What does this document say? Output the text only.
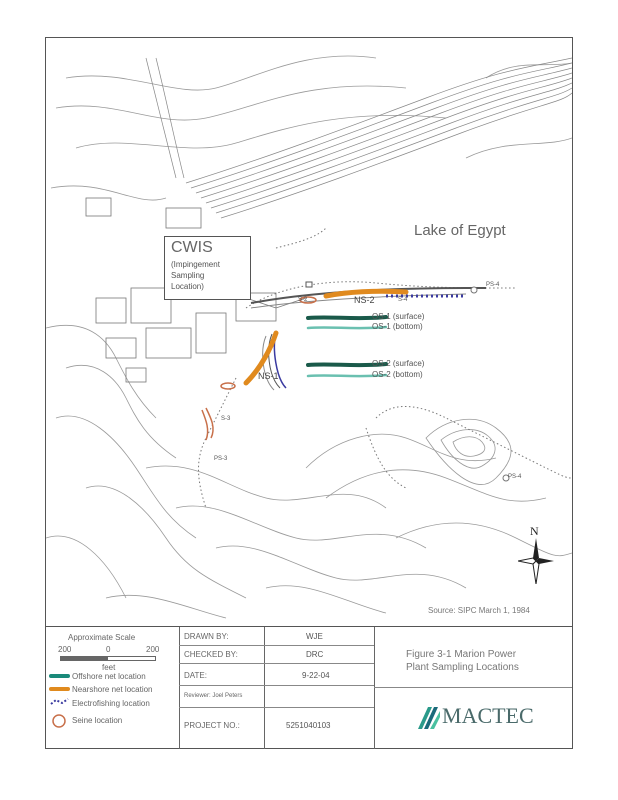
Lake of Egypt
CWIS
(Impingement
Sampling
Location)
NS-2
NS-1
PS-4
PS-4
S-2	S-4
S-3
PS-3
OS-1 (surface)
OS-1 (bottom)
OS-2 (surface)
OS-2 (bottom)
N
Source: SIPC March 1, 1984
Approximate Scale
200	0	200
feet
Offshore net location
Nearshore net location
Electrofishing location
Seine location
DRAWN BY:	WJE
CHECKED BY:	DRC
DATE:	9-22-04
Reviewer: Joel Peters
PROJECT NO.:	5251040103
Figure 3-1 Marion Power
Plant Sampling Locations
MACTEC
